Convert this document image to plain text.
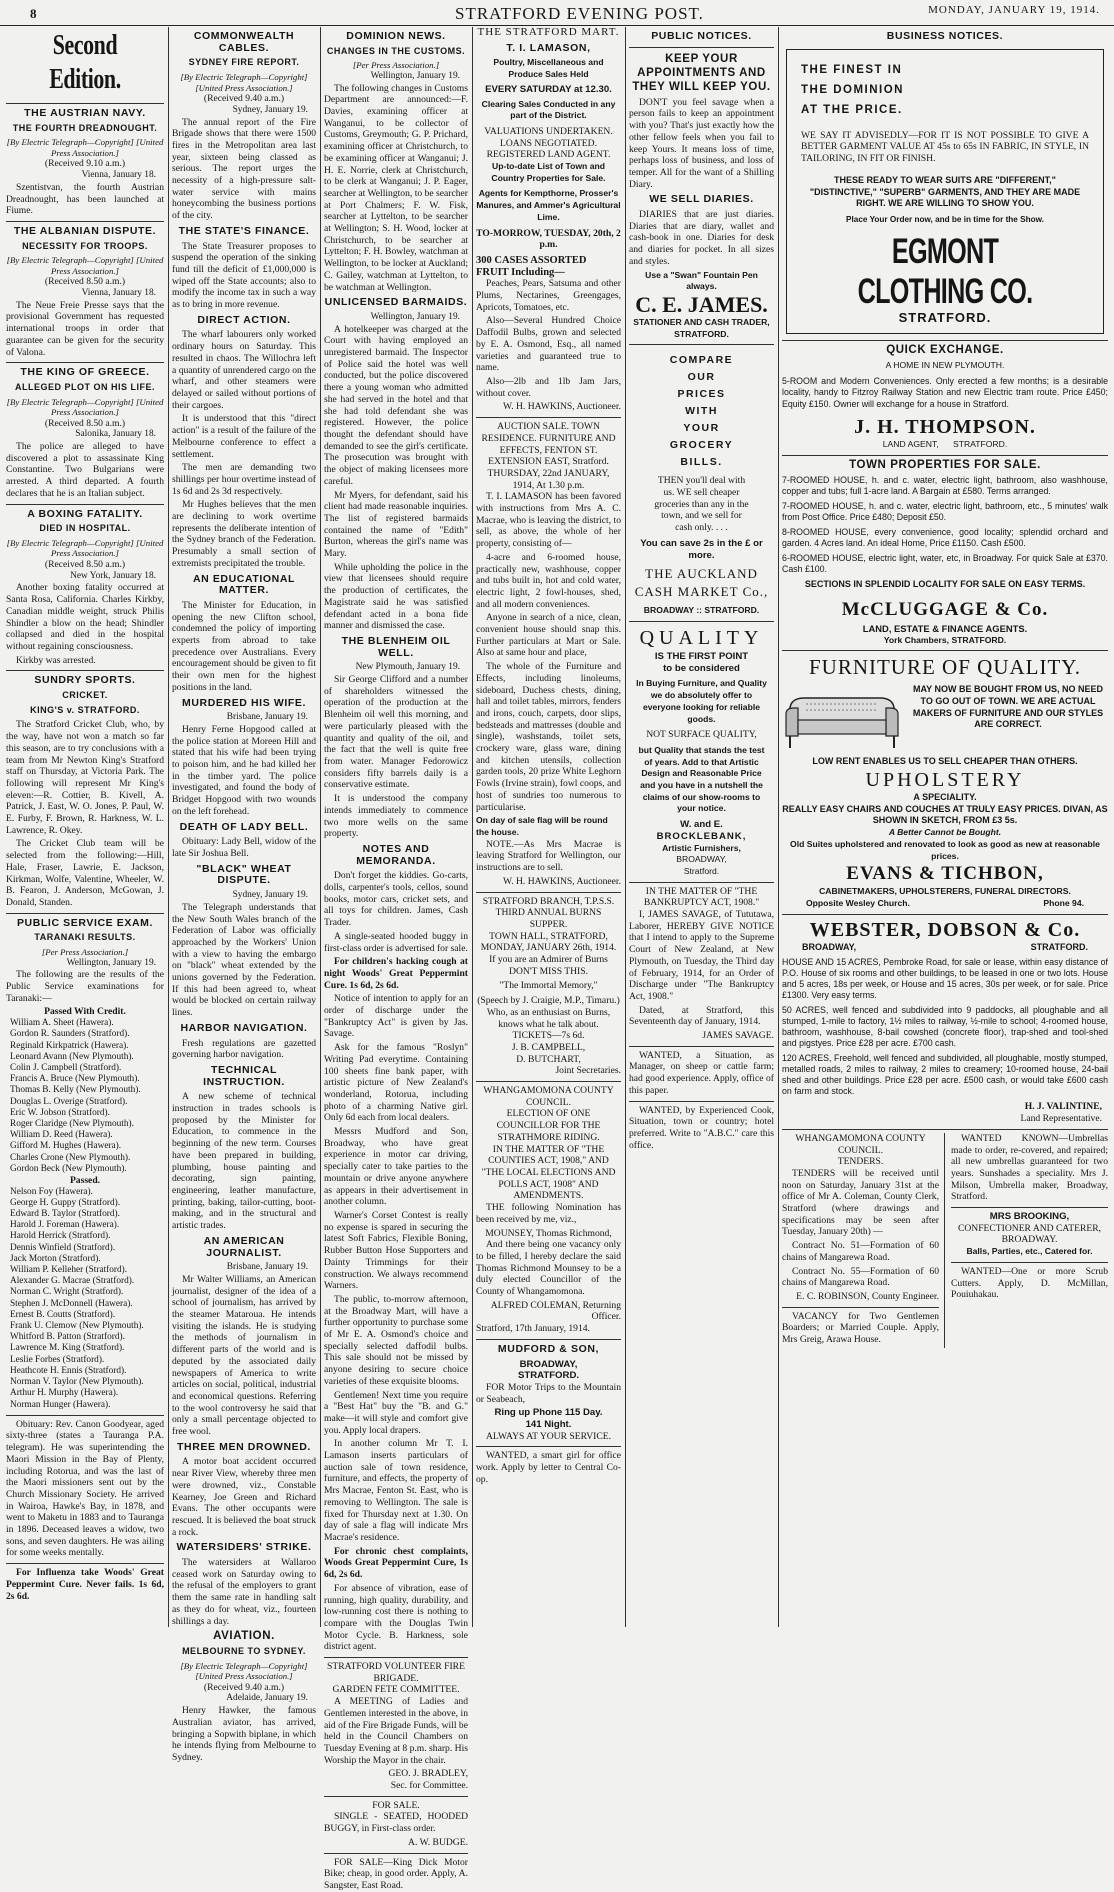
8	STRATFORD EVENING POST.	MONDAY, JANUARY 19, 1914.
Second Edition.
THE AUSTRIAN NAVY.
THE FOURTH DREADNOUGHT.
[By Electric Telegraph—Copyright] [United Press Association.]
(Received 9.10 a.m.)
Vienna, January 18.
Szentistvan, the fourth Austrian Dreadnought, has been launched at Fiume.
THE ALBANIAN DISPUTE.
NECESSITY FOR TROOPS.
[By Electric Telegraph—Copyright] [United Press Association.]
(Received 8.50 a.m.)
Vienna, January 18.
The Neue Freie Presse says that the provisional Government has requested international troops in order that guarantee can be given for the security of Valona.
THE KING OF GREECE.
ALLEGED PLOT ON HIS LIFE.
[By Electric Telegraph—Copyright] [United Press Association.]
(Received 8.50 a.m.)
Salonika, January 18.
The police are alleged to have discovered a plot to assassinate King Constantine. Two Bulgarians were arrested. A third departed. A fourth declares that he is an Italian subject.
A BOXING FATALITY.
DIED IN HOSPITAL.
[By Electric Telegraph—Copyright] [United Press Association.]
(Received 8.50 a.m.)
New York, January 18.
Another boxing fatality occurred at Santa Rosa, California. Charles Kirkby, Canadian middle weight, struck Philis Shindler a blow on the head; Shindler collapsed and died in the hospital without regaining consciousness.
Kirkby was arrested.
SUNDRY SPORTS.
CRICKET.
KING'S v. STRATFORD.
The Stratford Cricket Club, who, by the way, have not won a match so far this season, are to try conclusions with a team from Mr Newton King's Stratford staff on Thursday, at Victoria Park. The following will represent Mr King's eleven:—R. Cottier, B. Kivell, A. Patrick, J. East, W. O. Jones, P. Paul, W. E. Furby, F. Brown, R. Harkness, W. L. Lawrence, R. Okey.
The Cricket Club team will be selected from the following:—Hill, Hale, Fraser, Lawrie, E. Jackson, Kirkman, Wolfe, Valentine, Wheeler, W. B. Fearon, J. Anderson, McGowan, J. Donald, Standen.
PUBLIC SERVICE EXAM.
TARANAKI RESULTS.
[Per Press Association.]
Wellington, January 19.
The following are the results of the Public Service examinations for Taranaki:—
Passed With Credit.
William A. Sheet (Hawera).
Gordon R. Saunders (Stratford).
Reginald Kirkpatrick (Hawera).
Leonard Avann (New Plymouth).
Colin J. Campbell (Stratford).
Francis A. Bruce (New Plymouth).
Thomas B. Kelly (New Plymouth).
Douglas L. Overige (Stratford).
Eric W. Jobson (Stratford).
Roger Claridge (New Plymouth).
William D. Reed (Hawera).
Gifford M. Hughes (Hawera).
Charles Crone (New Plymouth).
Gordon Beck (New Plymouth).
Passed.
Nelson Foy (Hawera).
George H. Guppy (Stratford).
Edward B. Taylor (Stratford).
Harold J. Foreman (Hawera).
Harold Herrick (Stratford).
Dennis Winfield (Stratford).
Jack Morton (Stratford).
William P. Kelleher (Stratford).
Alexander G. Macrae (Stratford).
Norman C. Wright (Stratford).
Stephen J. McDonnell (Hawera).
Ernest B. Coutts (Stratford).
Frank U. Clemow (New Plymouth).
Whitford B. Patton (Stratford).
Lawrence M. King (Stratford).
Leslie Forbes (Stratford).
Heathcote H. Ennis (Stratford).
Norman V. Taylor (New Plymouth).
Arthur H. Murphy (Hawera).
Norman Hunger (Hawera).
Obituary: Rev. Canon Goodyear, aged sixty-three (states a Tauranga P.A. telegram). He was superintending the Maori Mission in the Bay of Plenty, including Rotorua, and was the last of the Maori missioners sent out by the Church Missionary Society. He arrived in Wairoa, Hawke's Bay, in 1878, and went to Maketu in 1883 and to Tauranga in 1896. Deceased leaves a widow, two sons, and seven daughters. He was ailing for some weeks mentally.
For Influenza take Woods' Great Peppermint Cure. Never fails. 1s 6d, 2s 6d.
COMMONWEALTH CABLES.
SYDNEY FIRE REPORT.
[By Electric Telegraph—Copyright] [United Press Association.]
(Received 9.40 a.m.)
Sydney, January 19.
The annual report of the Fire Brigade shows that there were 1500 fires in the Metropolitan area last year, sixteen being classed as serious. The report urges the necessity of a high-pressure salt-water service with mains honeycombing the business portions of the city.
THE STATE'S FINANCE.
The State Treasurer proposes to suspend the operation of the sinking fund till the deficit of £1,000,000 is wiped off the State accounts; also to modify the income tax in such a way as to bring in more revenue.
DIRECT ACTION.
The wharf labourers only worked ordinary hours on Saturday. This resulted in chaos. The Willochra left a quantity of unrendered cargo on the wharf, and other steamers were delayed or sailed without portions of their cargoes.
It is understood that this "direct action" is a result of the failure of the Melbourne conference to effect a settlement.
The men are demanding two shillings per hour overtime instead of 1s 6d and 2s 3d respectively.
Mr Hughes believes that the men are declining to work overtime represents the deliberate intention of the Sydney branch of the Federation. Presumably a small section of extremists precipitated the trouble.
AN EDUCATIONAL MATTER.
The Minister for Education, in opening the new Clifton school, condemned the policy of importing experts from abroad to take precedence over Australians. Every encouragement should be given to fit their own men for the highest positions in the land.
MURDERED HIS WIFE.
Brisbane, January 19.
Henry Ferne Hopgood called at the police station at Moreen Hill and stated that his wife had been trying to poison him, and he had killed her in the timber yard. The police investigated, and found the body of Bridget Hopgood with two wounds on the left forehead.
DEATH OF LADY BELL.
Obituary: Lady Bell, widow of the late Sir Joshua Bell.
"BLACK" WHEAT DISPUTE.
Sydney, January 19.
The Telegraph understands that the New South Wales branch of the Federation of Labor was officially approached by the Workers' Union with a view to having the embargo on "black" wheat extended by the unions governed by the Federation. If this had been agreed to, wheat would be blocked on certain railway lines.
HARBOR NAVIGATION.
Fresh regulations are gazetted governing harbor navigation.
TECHNICAL INSTRUCTION.
A new scheme of technical instruction in trades schools is proposed by the Minister for Education, to commence in the beginning of the new term. Courses have been prepared in building, plumbing, house painting and decorating, sign painting, engineering, leather manufacture, printing, baking, tailor-cutting, boot-making, and in the structural and artistic trades.
AN AMERICAN JOURNALIST.
Brisbane, January 19.
Mr Walter Williams, an American journalist, designer of the idea of a school of journalism, has arrived by the steamer Mataroua. He intends visiting the islands. He is studying the methods of journalism in different parts of the world and is deputed by the associated daily newspapers of America to write articles on social, political, industrial and economical questions. Referring to the wool controversy he said that only a small percentage objected to free wool.
THREE MEN DROWNED.
A motor boat accident occurred near River View, whereby three men were drowned, viz., Constable Kearney, Joe Green and Richard Evans. The other occupants were rescued. It is believed the boat struck a rock.
WATERSIDERS' STRIKE.
The watersiders at Wallaroo ceased work on Saturday owing to the refusal of the employers to grant them the same rate in handling salt as they do for wheat, viz., fourteen shillings a day.
AVIATION.
MELBOURNE TO SYDNEY.
[By Electric Telegraph—Copyright] [United Press Association.]
(Received 9.40 a.m.)
Adelaide, January 19.
Henry Hawker, the famous Australian aviator, has arrived, bringing a Sopwith biplane, in which he intends flying from Melbourne to Sydney.
DOMINION NEWS.
CHANGES IN THE CUSTOMS.
[Per Press Association.]
Wellington, January 19.
The following changes in Customs Department are announced:—F. Davies, examining officer at Wanganui, to be collector of Customs, Greymouth; G. P. Prichard, examining officer at Christchurch, to be examining officer at Wanganui; J. H. E. Norrie, clerk at Christchurch, to be clerk at Wanganui; J. P. Eager, searcher at Wellington, to be searcher at Port Chalmers; F. W. Fisk, searcher at Lyttelton, to be searcher at Wellington; S. H. Wood, locker at Christchurch, to be searcher at Lyttelton; F. H. Bowley, watchman at Wellington, to be locker at Auckland; C. Gailey, watchman at Lyttelton, to be watchman at Wellington.
UNLICENSED BARMAIDS.
Wellington, January 19.
A hotelkeeper was charged at the Court with having employed an unregistered barmaid. The Inspector of Police said the hotel was well conducted, but the police discovered there a young woman who admitted she had served in the hotel and that she had told defendant she was registered. However, the police thought the defendant should have demanded to see the girl's certificate. The prosecution was brought with the object of making licensees more careful.
Mr Myers, for defendant, said his client had made reasonable inquiries. The list of registered barmaids contained the name of "Edith" Burton, whereas the girl's name was Mary.
While upholding the police in the view that licensees should require the production of certificates, the Magistrate said he was satisfied defendant acted in a bona fide manner and dismissed the case.
THE BLENHEIM OIL WELL.
New Plymouth, January 19.
Sir George Clifford and a number of shareholders witnessed the operation of the production at the Blenheim oil well this morning, and were particularly pleased with the quantity and quality of the oil, and the fact that the well is quite free from water. Manager Fedorowicz considers fifty barrels daily is a conservative estimate.
It is understood the company intends immediately to commence two more wells on the same property.
NOTES AND MEMORANDA.
Don't forget the kiddies. Go-carts, dolls, carpenter's tools, cellos, sound books, motor cars, cricket sets, and all toys for children. James, Cash Trader.
A single-seated hooded buggy in first-class order is advertised for sale.
For children's hacking cough at night Woods' Great Peppermint Cure. 1s 6d, 2s 6d.
Notice of intention to apply for an order of discharge under the "Bankruptcy Act" is given by Jas. Savage.
Ask for the famous "Roslyn" Writing Pad everytime. Containing 100 sheets fine bank paper, with artistic picture of New Zealand's wonderland, Rotorua, including photo of a charming Native girl. Only 6d each from local dealers.
Messrs Mudford and Son, Broadway, who have great experience in motor car driving, specially cater to take parties to the mountain or drive anyone anywhere as appears in their advertisement in another column.
Warner's Corset Contest is really no expense is spared in securing the latest Soft Fabrics, Flexible Boning, Rubber Button Hose Supporters and Dainty Trimmings for their construction. We always recommend Warners.
The public, to-morrow afternoon, at the Broadway Mart, will have a further opportunity to purchase some of Mr E. A. Osmond's choice and specially selected daffodil bulbs. This sale should not be missed by anyone desiring to secure choice varieties of these exquisite blooms.
Gentlemen! Next time you require a "Best Hat" buy the "B. and G." make—it will style and comfort give you. Apply local drapers.
In another column Mr T. I. Lamason inserts particulars of auction sale of town residence, furniture, and effects, the property of Mrs Macrae, Fenton St. East, who is removing to Wellington. The sale is fixed for Thursday next at 1.30. On day of sale a flag will indicate Mrs Macrae's residence.
For chronic chest complaints, Woods Great Peppermint Cure, 1s 6d, 2s 6d.
For absence of vibration, ease of running, high quality, durability, and low-running cost there is nothing to compare with the Douglas Twin Motor Cycle. B. Harkness, sole district agent.
STRATFORD VOLUNTEER FIRE BRIGADE.
GARDEN FETE COMMITTEE.
A MEETING of Ladies and Gentlemen interested in the above, in aid of the Fire Brigade Funds, will be held in the Council Chambers on Tuesday Evening at 8 p.m. sharp. His Worship the Mayor in the chair.
GEO. J. BRADLEY,
Sec. for Committee.
FOR SALE.
SINGLE - SEATED, HOODED BUGGY, in First-class order.
A. W. BUDGE.
FOR SALE—King Dick Motor Bike; cheap, in good order. Apply, A. Sangster, East Road.
THE STRATFORD MART.
T. I. LAMASON,
Poultry, Miscellaneous and Produce Sales Held
EVERY SATURDAY at 12.30.
Clearing Sales Conducted in any part of the District.
VALUATIONS UNDERTAKEN.
LOANS NEGOTIATED.
REGISTERED LAND AGENT.
Up-to-date List of Town and Country Properties for Sale.
Agents for Kempthorne, Prosser's Manures, and Ammer's Agricultural Lime.
TO-MORROW, TUESDAY, 20th, 2 p.m.
300 CASES ASSORTED FRUIT Including—
Peaches, Pears, Satsuma and other Plums, Nectarines, Greengages, Apricots, Tomatoes, etc.
Also—Several Hundred Choice Daffodil Bulbs, grown and selected by E. A. Osmond, Esq., all named varieties and guaranteed true to name.
Also—2lb and 1lb Jam Jars, without cover.
W. H. HAWKINS, Auctioneer.
AUCTION SALE. TOWN RESIDENCE. FURNITURE AND EFFECTS, FENTON ST. EXTENSION EAST, Stratford.
THURSDAY, 22nd JANUARY, 1914, At 1.30 p.m.
T. I. LAMASON has been favored with instructions from Mrs A. C. Macrae, who is leaving the district, to sell, as above, the whole of her property, consisting of—
4-acre and 6-roomed house, practically new, washhouse, copper and tubs built in, hot and cold water, electric light, 2 fowl-houses, shed, and all modern conveniences.
Anyone in search of a nice, clean, convenient house should snap this. Further particulars at Mart or Sale. Also at same hour and place,
The whole of the Furniture and Effects, including linoleums, sideboard, Duchess chests, dining, hall and toilet tables, mirrors, fenders and irons, couch, carpets, door slips, bedsteads and mattresses (double and single), washstands, toilet sets, crockery ware, glass ware, dining and kitchen utensils, collection garden tools, 20 prize White Leghorn Fowls (Irvine strain), fowl coops, and host of sundries too numerous to particularise.
On day of sale flag will be round the house.
NOTE.—As Mrs Macrae is leaving Stratford for Wellington, our instructions are to sell.
W. H. HAWKINS, Auctioneer.
STRATFORD BRANCH, T.P.S.S.
THIRD ANNUAL BURNS SUPPER.
TOWN HALL, STRATFORD,
MONDAY, JANUARY 26th, 1914.
If you are an Admirer of Burns DON'T MISS THIS.
"The Immortal Memory,"
(Speech by J. Craigie, M.P., Timaru.) Who, as an enthusiast on Burns, knows what he talk about.
TICKETS—7s 6d.
J. B. CAMPBELL,
D. BUTCHART,
Joint Secretaries.
WHANGAMOMONA COUNTY COUNCIL.
ELECTION OF ONE COUNCILLOR FOR THE STRATHMORE RIDING.
IN THE MATTER OF "THE COUNTIES ACT, 1908," AND "THE LOCAL ELECTIONS AND POLLS ACT, 1908" AND AMENDMENTS.
THE following Nomination has been received by me, viz.,
MOUNSEY, Thomas Richmond,
And there being one vacancy only to be filled, I hereby declare the said Thomas Richmond Mounsey to be a duly elected Councillor of the County of Whangamomona.
ALFRED COLEMAN, Returning Officer.
Stratford, 17th January, 1914.
MUDFORD & SON,
BROADWAY,
STRATFORD.
FOR Motor Trips to the Mountain or Seabeach,
Ring up Phone 115 Day.
141 Night.
ALWAYS AT YOUR SERVICE.
WANTED, a smart girl for office work. Apply by letter to Central Co-op.
PUBLIC NOTICES.
KEEP YOUR APPOINTMENTS AND THEY WILL KEEP YOU.
DON'T you feel savage when a person fails to keep an appointment with you? That's just exactly how the other fellow feels when you fail to keep Yours. It means loss of time, perhaps loss of business, and loss of temper. All for the want of a Shilling Diary.
WE SELL DIARIES.
DIARIES that are just diaries. Diaries that are diary, wallet and cash-book in one. Diaries for desk and diaries for pocket. In all sizes and styles.
Use a "Swan" Fountain Pen always.
C. E. JAMES.
STATIONER AND CASH TRADER,
STRATFORD.
COMPARE
OUR
PRICES
WITH
YOUR
GROCERY
BILLS.
THEN you'll deal with us. WE sell cheaper groceries than any in the town, and we sell for cash only. . . .
You can save 2s in the £ or more.
THE AUCKLAND CASH MARKET Co.,
BROADWAY :: STRATFORD.
QUALITY
IS THE FIRST POINT
to be considered
In Buying Furniture, and Quality we do absolutely offer to everyone looking for reliable goods.
NOT SURFACE QUALITY,
but Quality that stands the test of years. Add to that Artistic Design and Reasonable Price and you have in a nutshell the claims of our show-rooms to your notice.
W. and E.
BROCKLEBANK,
Artistic Furnishers,
BROADWAY,
Stratford.
IN THE MATTER OF "THE BANKRUPTCY ACT, 1908."
I, JAMES SAVAGE, of Tututawa, Laborer, HEREBY GIVE NOTICE that I intend to apply to the Supreme Court of New Zealand, at New Plymouth, on Tuesday, the Third day of February, 1914, for an Order of Discharge under "The Bankruptcy Act, 1908."
Dated, at Stratford, this Seventeenth day of January, 1914.
JAMES SAVAGE.
WANTED, a Situation, as Manager, on sheep or cattle farm; had good experience. Apply, office of this paper.
WANTED, by Experienced Cook, Situation, town or country; hotel preferred. Write to "A.B.C." care this office.
BUSINESS NOTICES.
THE FINEST IN
THE DOMINION
AT THE PRICE.
WE SAY IT ADVISEDLY—FOR IT IS NOT POSSIBLE TO GIVE A BETTER GARMENT VALUE AT 45s to 65s IN FABRIC, IN STYLE, IN TAILORING, IN FIT OR FINISH.
THESE READY TO WEAR SUITS ARE "DIFFERENT," "DISTINCTIVE," "SUPERB" GARMENTS, AND THEY ARE MADE RIGHT. WE ARE WILLING TO SHOW YOU.
Place Your Order now, and be in time for the Show.
EGMONT CLOTHING CO.
STRATFORD.
QUICK EXCHANGE.
A HOME IN NEW PLYMOUTH.
5-ROOM and Modern Conveniences. Only erected a few months; is a desirable locality, handy to Fitzroy Railway Station and new Electric tram route. Price £450; Equity £150. Owner will exchange for a house in Stratford.
J. H. THOMPSON.
LAND AGENT,      STRATFORD.
TOWN PROPERTIES FOR SALE.
7-ROOMED HOUSE, h. and c. water, electric light, bathroom, also washhouse, copper and tubs; full 1-acre land. A Bargain at £580. Terms arranged.
7-ROOMED HOUSE, h. and c. water, electric light, bathroom, etc., 5 minutes' walk from Post Office. Price £480; Deposit £50.
8-ROOMED HOUSE, every convenience, good locality; splendid orchard and garden. 4 Acres land. An ideal Home, Price £1150. Cash £500.
6-ROOMED HOUSE, electric light, water, etc, in Broadway. For quick Sale at £370. Cash £100.
SECTIONS IN SPLENDID LOCALITY FOR SALE ON EASY TERMS.
McCLUGGAGE & Co.
LAND, ESTATE & FINANCE AGENTS.
York Chambers, STRATFORD.
FURNITURE OF QUALITY.
MAY NOW BE BOUGHT FROM US, NO NEED TO GO OUT OF TOWN. WE ARE ACTUAL MAKERS OF FURNITURE AND OUR STYLES ARE CORRECT.
LOW RENT ENABLES US TO SELL CHEAPER THAN OTHERS.
UPHOLSTERY
A SPECIALITY.
REALLY EASY CHAIRS AND COUCHES AT TRULY EASY PRICES. DIVAN, AS SHOWN IN SKETCH, FROM £3 5s.
A Better Cannot be Bought.
Old Suites upholstered and renovated to look as good as new at reasonable prices.
EVANS & TICHBON,
CABINETMAKERS, UPHOLSTERERS, FUNERAL DIRECTORS.
Opposite Wesley Church.	Phone 94.
WEBSTER, DOBSON & Co.
BROADWAY,	STRATFORD.
HOUSE AND 15 ACRES, Pembroke Road, for sale or lease, within easy distance of P.O. House of six rooms and other buildings, to be leased in one or two lots. House and 5 acres, 18s per week, or House and 15 acres, 30s per week, or for sale. Price £1300. Very easy terms.
50 ACRES, well fenced and subdivided into 9 paddocks, all ploughable and all stumped, 1-mile to factory, 1½ miles to railway, ½-mile to school; 4-roomed house, bathroom, washhouse, 8-bail cowshed (concrete floor), trap-shed and tool-shed and pigstyes. Price £28 per acre. £700 cash.
120 ACRES, Freehold, well fenced and subdivided, all ploughable, mostly stumped, metalled roads, 2 miles to railway, 2 miles to creamery; 10-roomed house, 24-bail shed and other buildings. Price £28 per acre. £500 cash, or would take £600 cash on farm and stock.
H. J. VALINTINE,
Land Representative.
WHANGAMOMONA COUNTY COUNCIL.
TENDERS.
TENDERS will be received until noon on Saturday, January 31st at the office of Mr A. Coleman, County Clerk, Stratford (where drawings and specifications may be seen after Tuesday, January 20th) —
Contract No. 51—Formation of 60 chains of Mangarewa Road.
Contract No. 55—Formation of 60 chains of Mangarewa Road.
E. C. ROBINSON, County Engineer.
VACANCY for Two Gentlemen Boarders; or Married Couple. Apply, Mrs Greig, Arawa House.
WANTED KNOWN—Umbrellas made to order, re-covered, and repaired; all new umbrellas guaranteed for two years. Sunshades a speciality. Mrs J. Milson, Umbrella maker, Broadway, Stratford.
MRS BROOKING,
CONFECTIONER AND CATERER, BROADWAY.
Balls, Parties, etc., Catered for.
WANTED—One or more Scrub Cutters. Apply, D. McMillan, Pouiuhakau.
